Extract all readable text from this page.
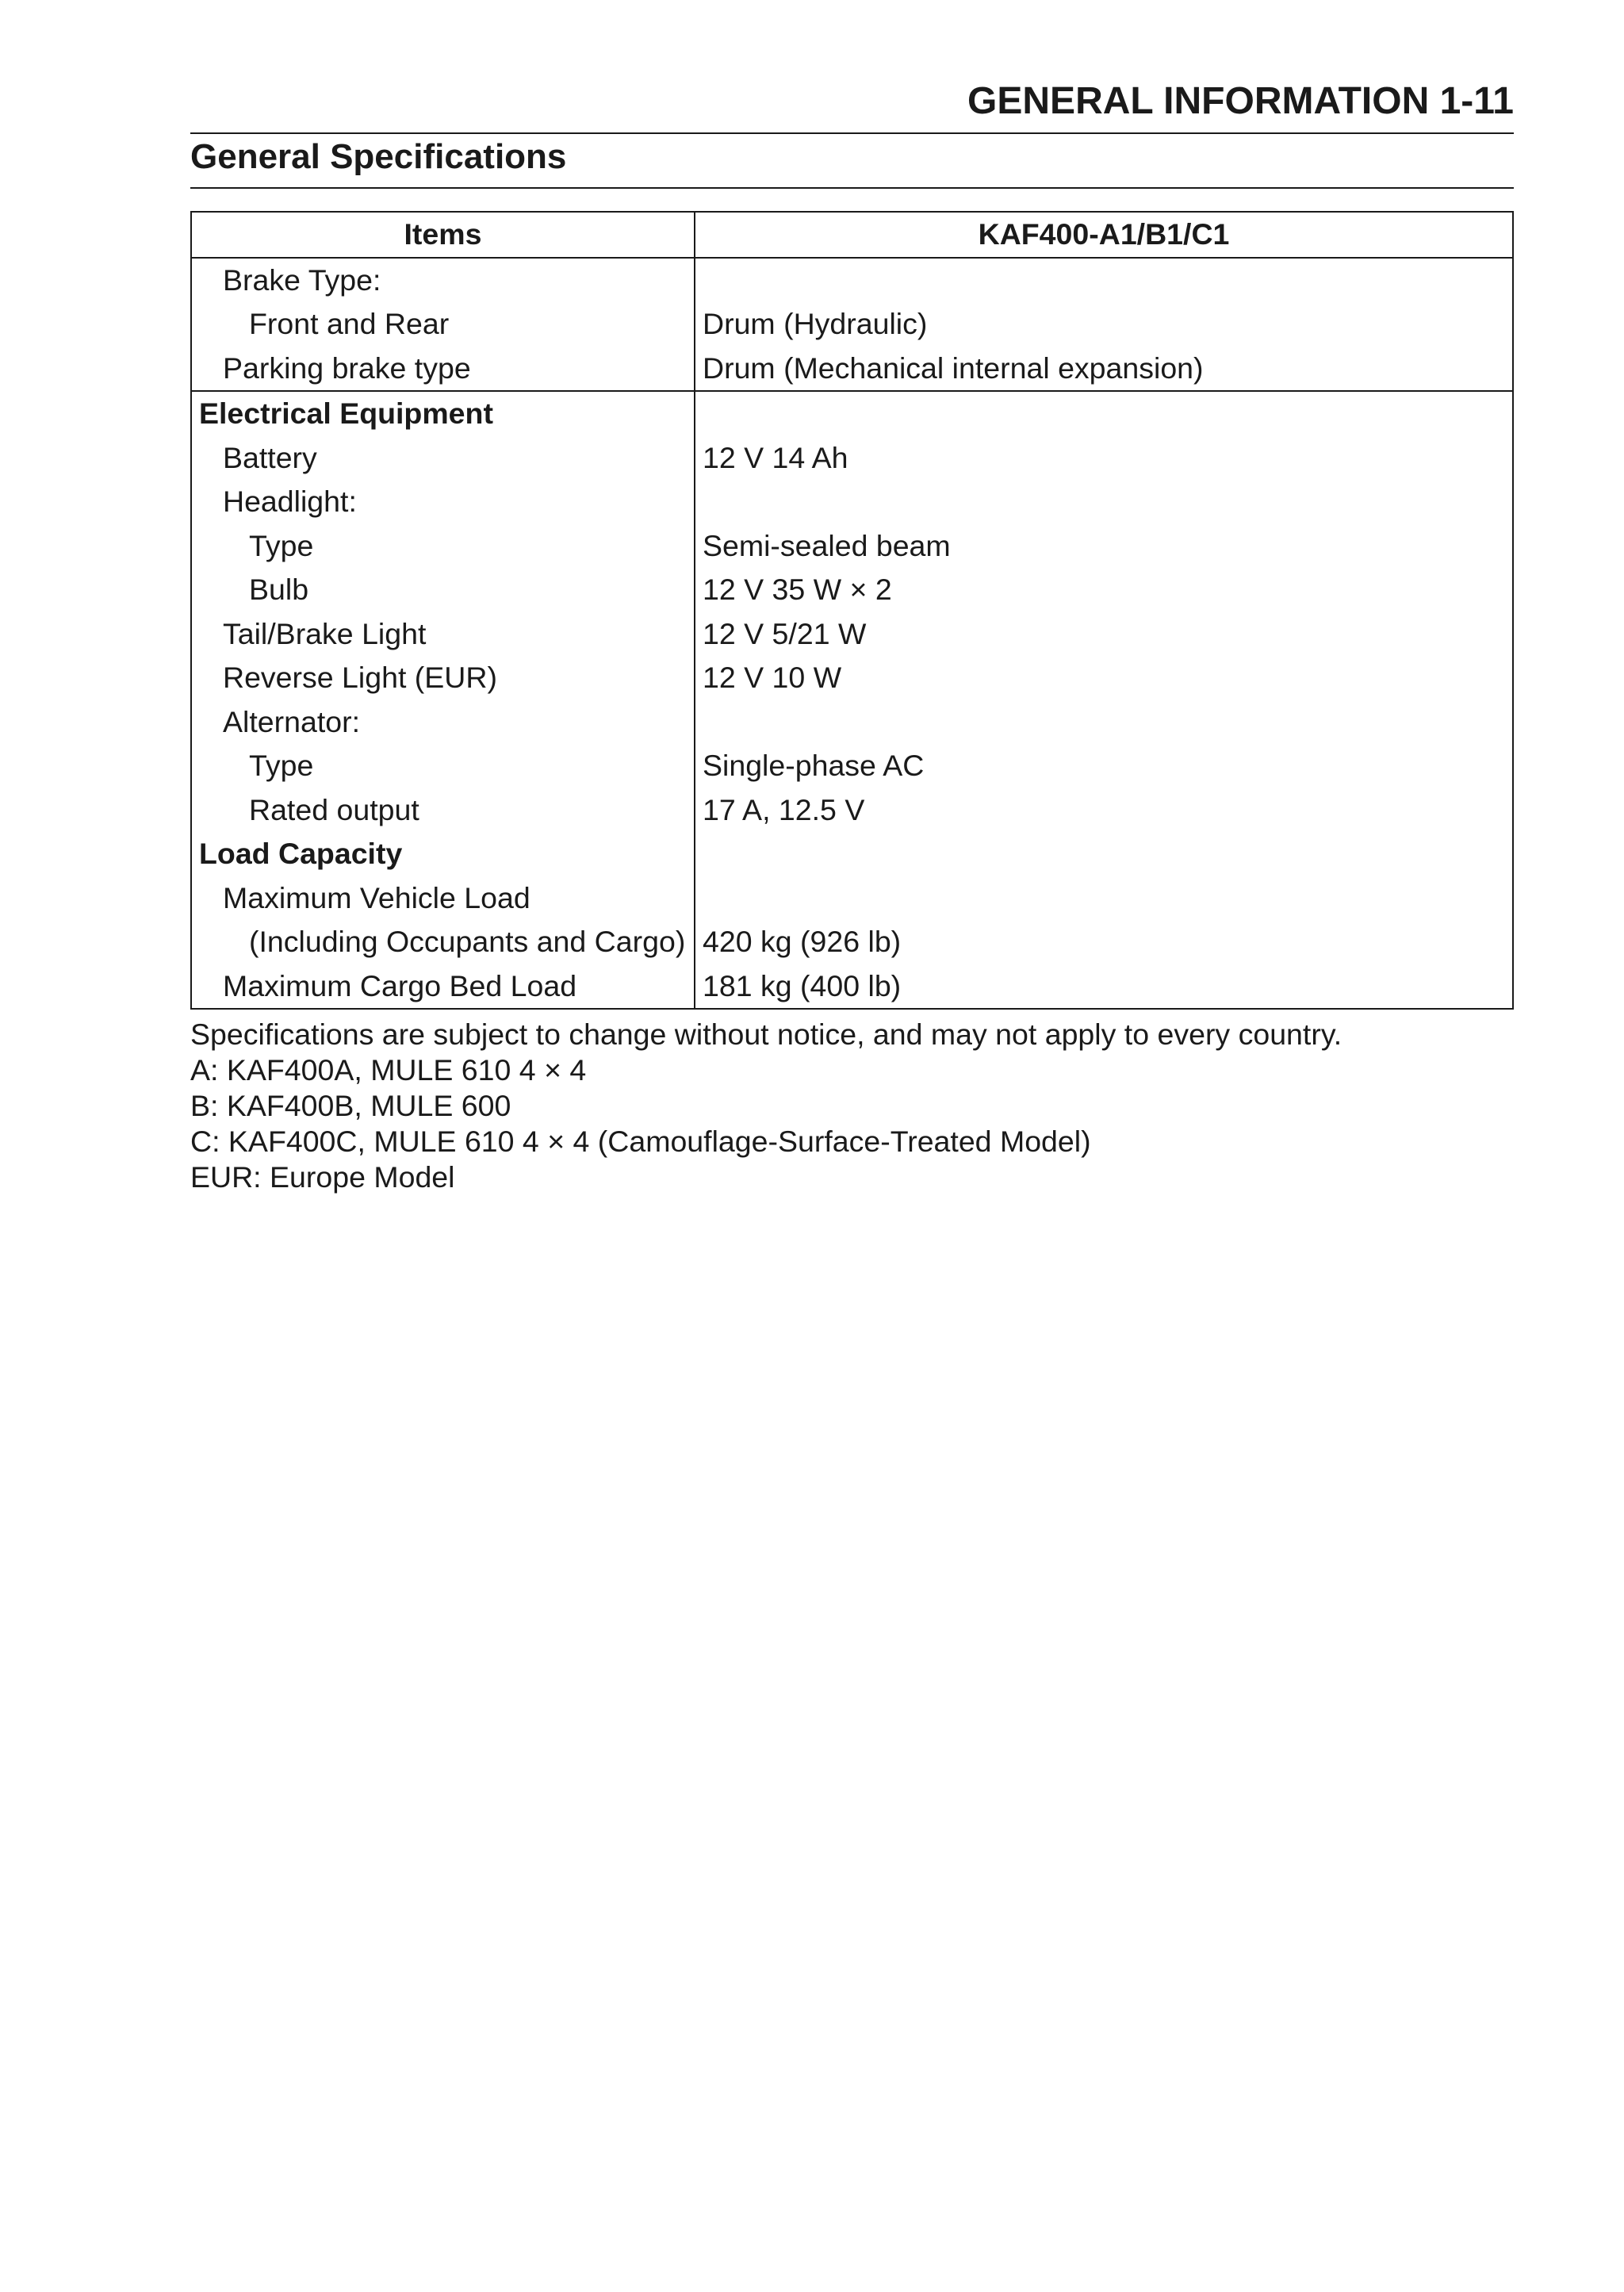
GENERAL INFORMATION 1-11
General Specifications
Items	KAF400-A1/B1/C1
Brake Type:
Front and Rear	Drum (Hydraulic)
Parking brake type	Drum (Mechanical internal expansion)
Electrical Equipment
Battery	12 V 14 Ah
Headlight:
Type	Semi-sealed beam
Bulb	12 V 35 W × 2
Tail/Brake Light	12 V 5/21 W
Reverse Light (EUR)	12 V 10 W
Alternator:
Type	Single-phase AC
Rated output	17 A, 12.5 V
Load Capacity
Maximum Vehicle Load
(Including Occupants and Cargo) 420 kg (926 lb)
Maximum Cargo Bed Load	181 kg (400 lb)
Specifications are subject to change without notice, and may not apply to every country.
A: KAF400A, MULE 610 4 × 4
B: KAF400B, MULE 600
C: KAF400C, MULE 610 4 × 4 (Camouflage-Surface-Treated Model)
EUR: Europe Model
